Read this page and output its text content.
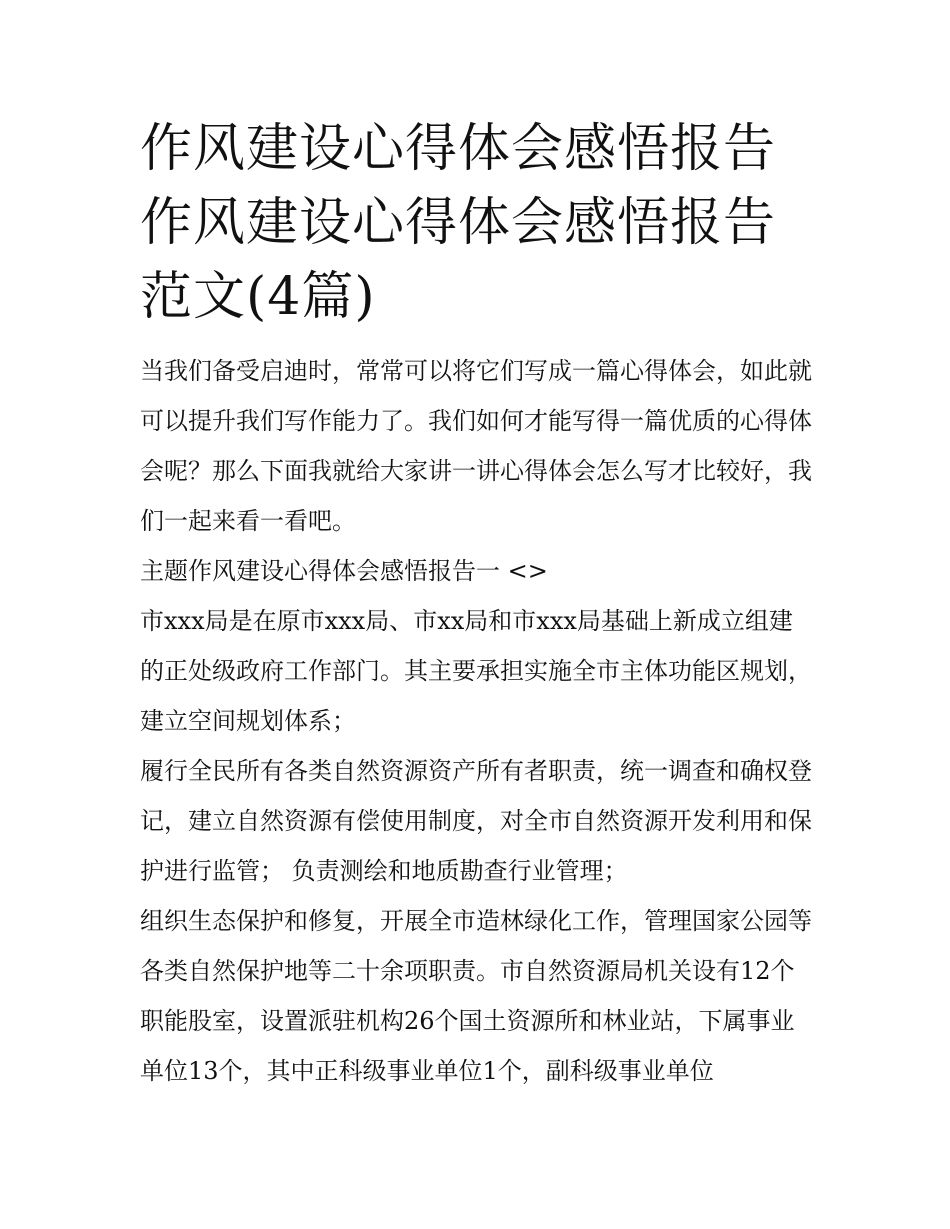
作风建设心得体会感悟报告 作风建设心得体会感悟报告范文(4篇)

当我们备受启迪时，常常可以将它们写成一篇心得体会，如此就可以提升我们写作能力了。我们如何才能写得一篇优质的心得体会呢？那么下面我就给大家讲一讲心得体会怎么写才比较好，我们一起来看一看吧。

主题作风建设心得体会感悟报告一 <>

市xxx局是在原市xxx局、市xx局和市xxx局基础上新成立组建的正处级政府工作部门。其主要承担实施全市主体功能区规划，建立空间规划体系；

履行全民所有各类自然资源资产所有者职责，统一调查和确权登记，建立自然资源有偿使用制度，对全市自然资源开发利用和保护进行监管； 负责测绘和地质勘查行业管理；

组织生态保护和修复，开展全市造林绿化工作，管理国家公园等各类自然保护地等二十余项职责。市自然资源局机关设有12个职能股室，设置派驻机构26个国土资源所和林业站，下属事业单位13个，其中正科级事业单位1个，副科级事业单位
